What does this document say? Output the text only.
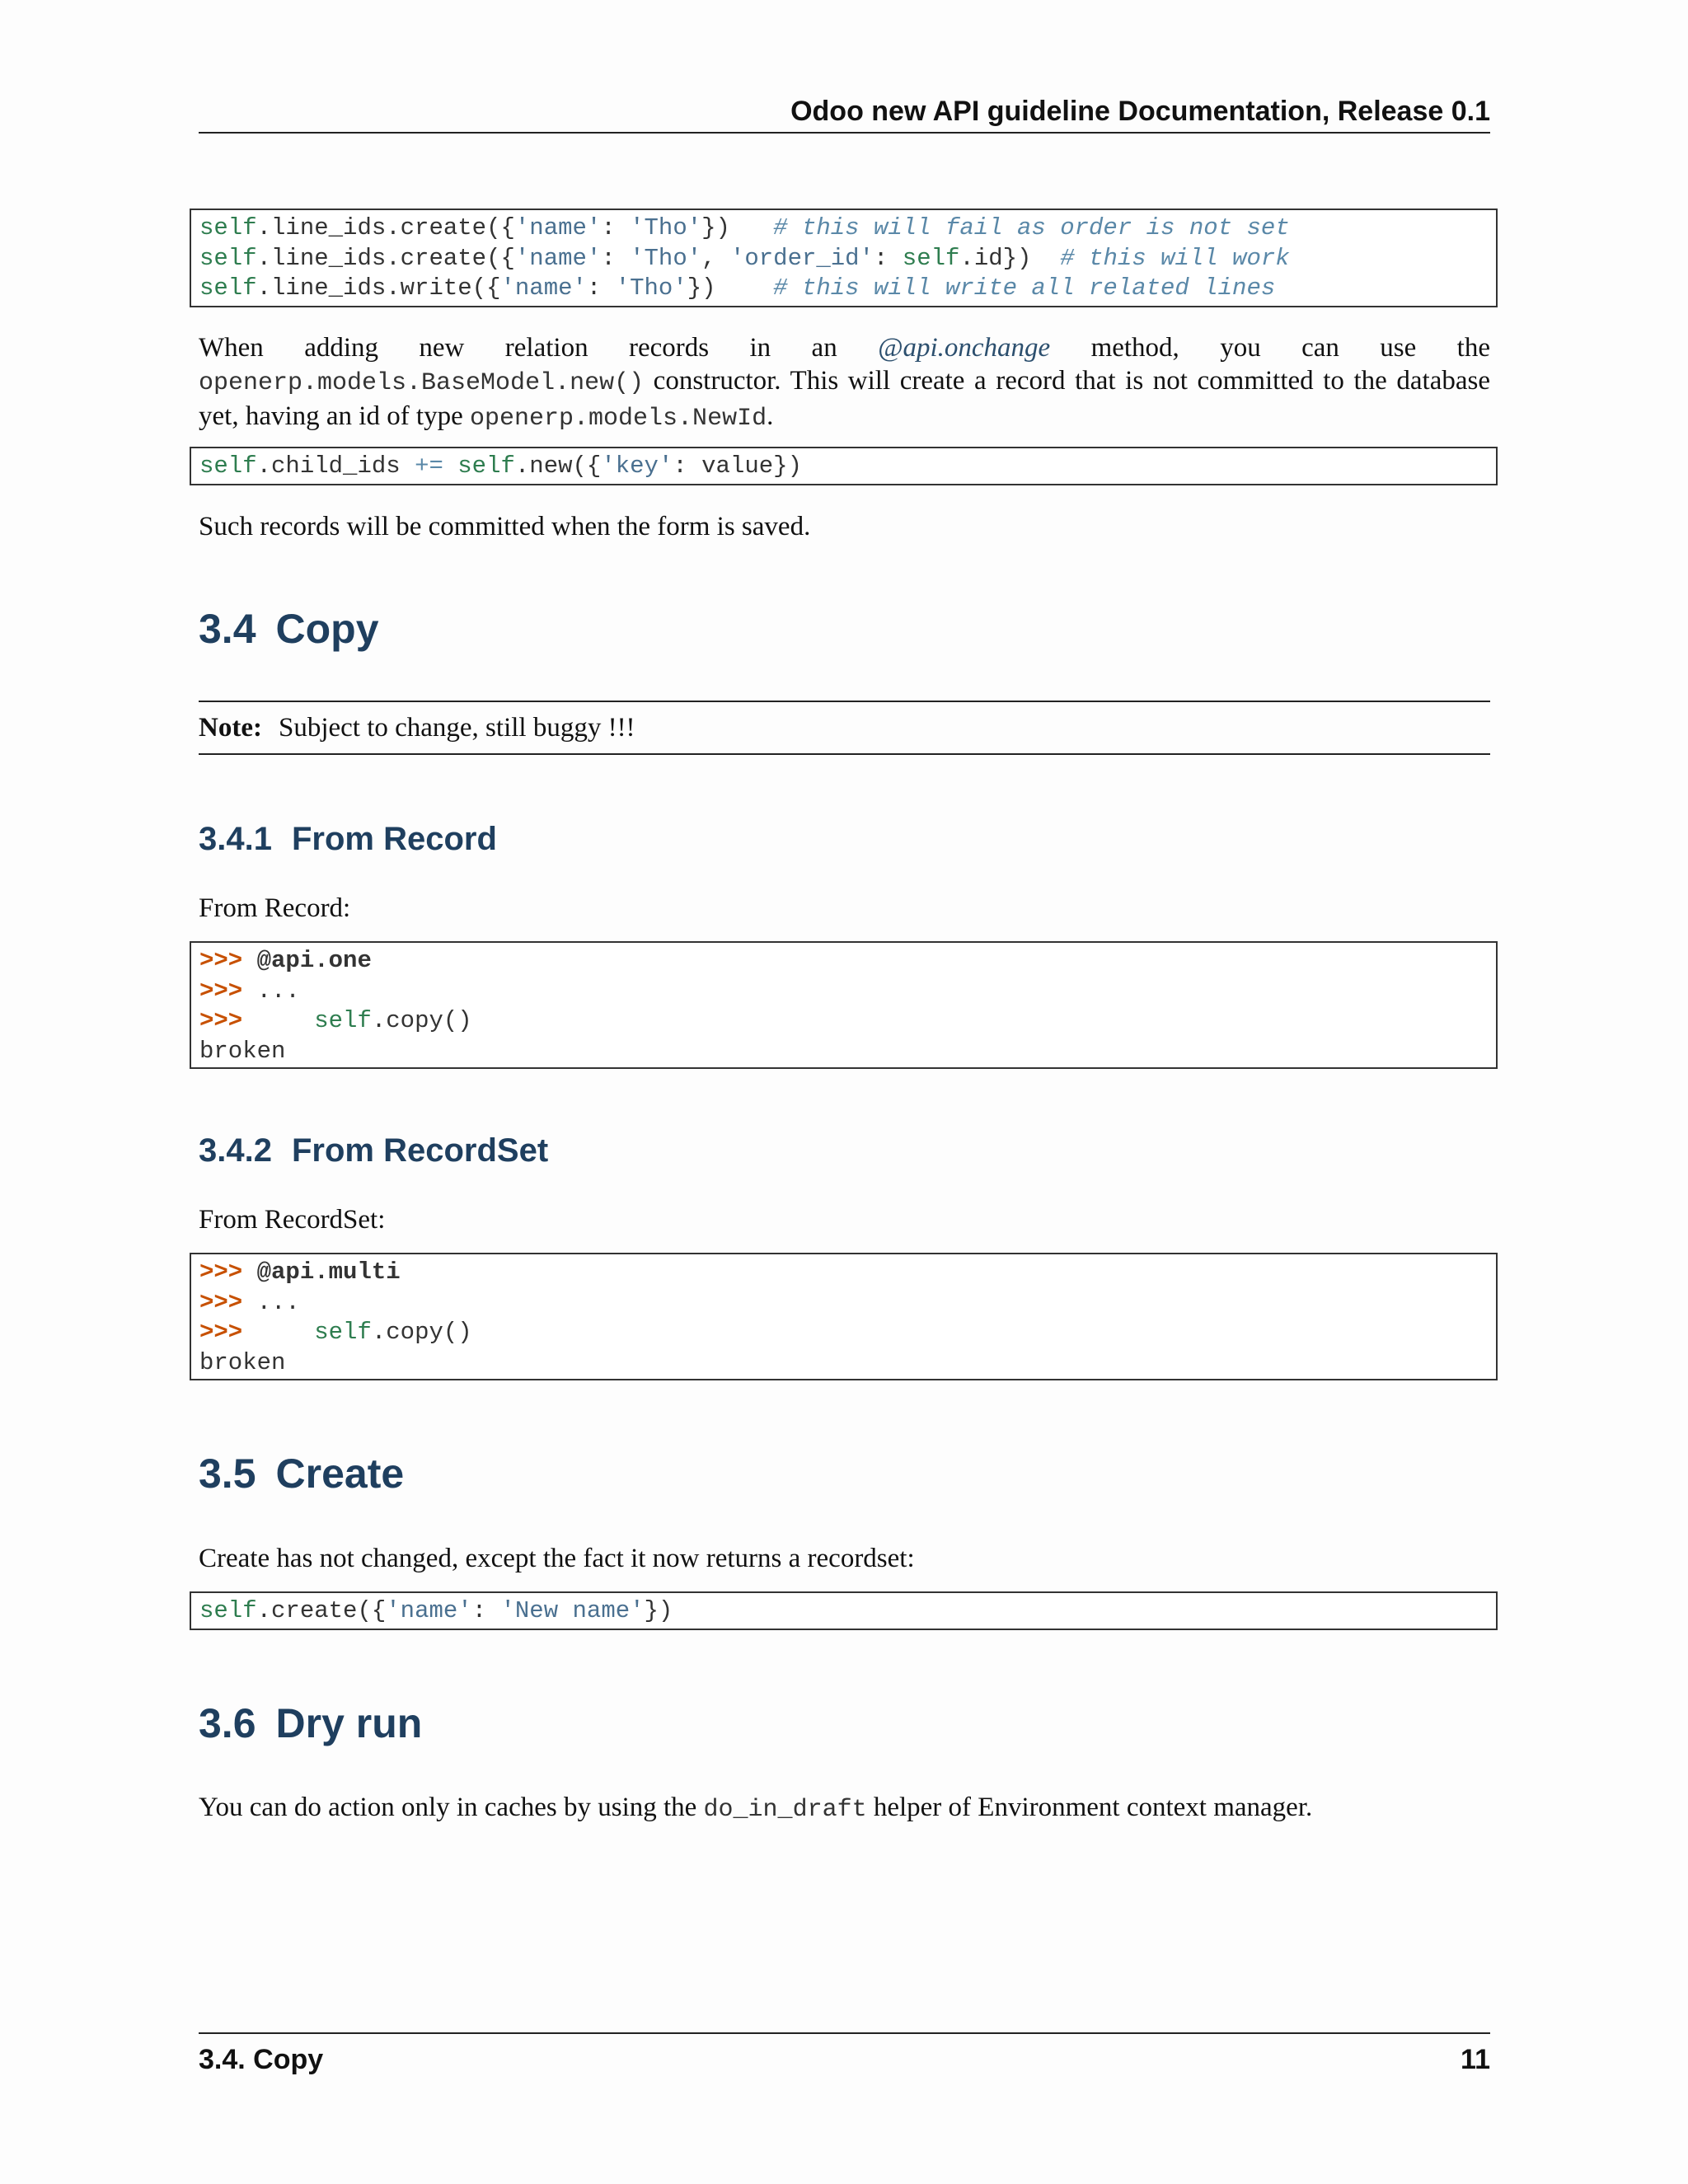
Odoo new API guideline Documentation, Release 0.1
self.line_ids.create({'name': 'Tho'})   # this will fail as order is not set
self.line_ids.create({'name': 'Tho', 'order_id': self.id})  # this will work
self.line_ids.write({'name': 'Tho'})    # this will write all related lines
When adding new relation records in an @api.onchange method, you can use the openerp.models.BaseModel.new() constructor. This will create a record that is not committed to the database yet, having an id of type openerp.models.NewId.
self.child_ids += self.new({'key': value})
Such records will be committed when the form is saved.
3.4 Copy
Note: Subject to change, still buggy !!!
3.4.1 From Record
From Record:
>>> @api.one
>>> ...
>>>     self.copy()
broken
3.4.2 From RecordSet
From RecordSet:
>>> @api.multi
>>> ...
>>>     self.copy()
broken
3.5 Create
Create has not changed, except the fact it now returns a recordset:
self.create({'name': 'New name'})
3.6 Dry run
You can do action only in caches by using the do_in_draft helper of Environment context manager.
3.4. Copy	11
